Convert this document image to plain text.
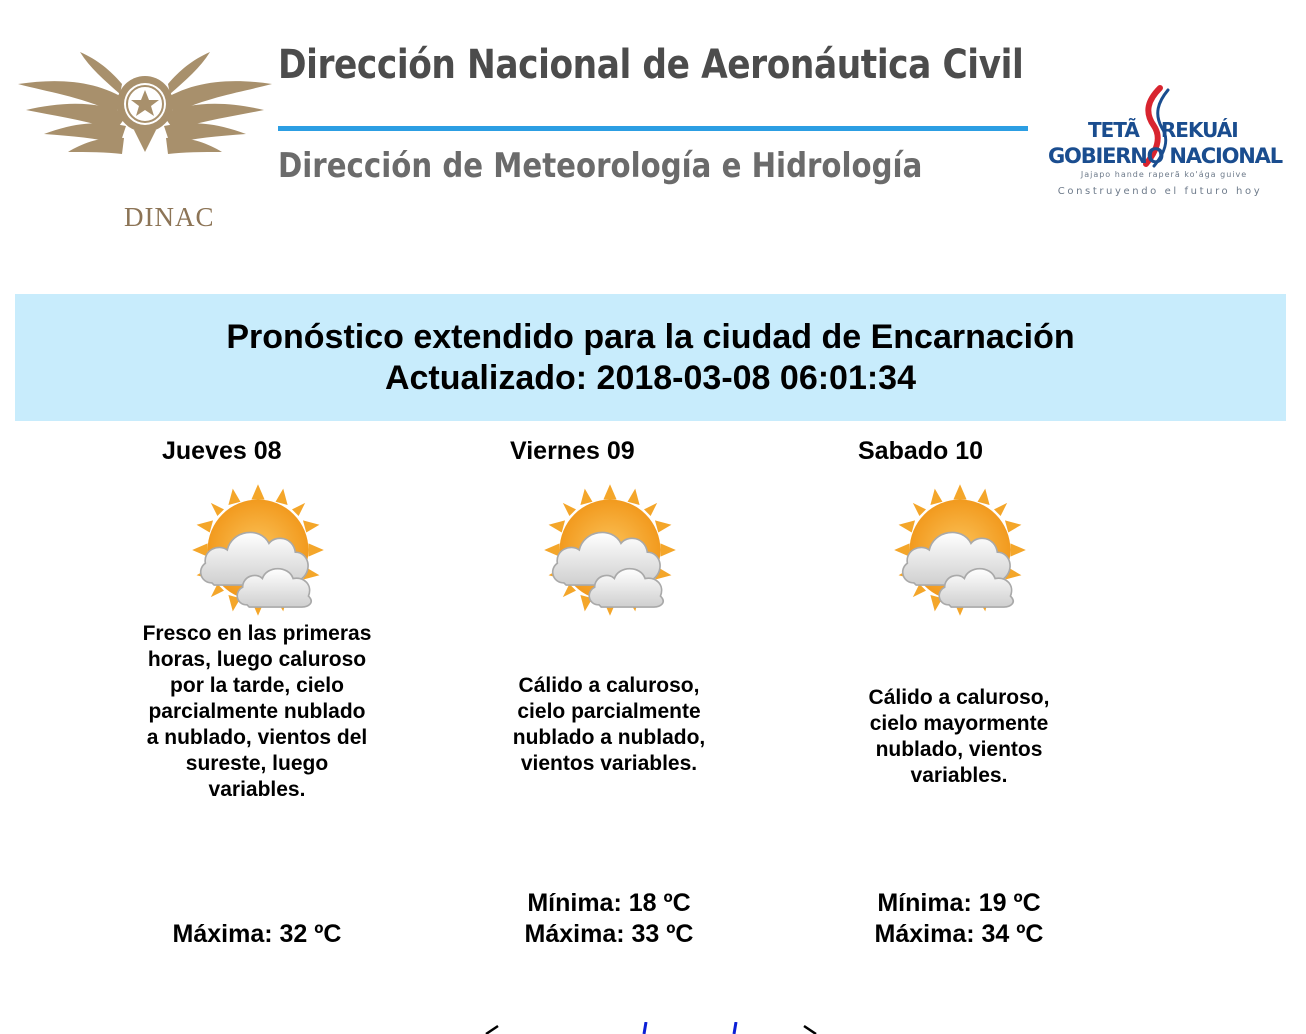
DINAC
Dirección Nacional de Aeronáutica Civil
Dirección de Meteorología e Hidrología
TETÃ REKUÁI
GOBIERNO NACIONAL
Jajapo hande raperã ko'ága guive
Construyendo el futuro hoy
Pronóstico extendido para la ciudad de Encarnación
Actualizado: 2018-03-08 06:01:34
Jueves 08

Fresco en las primeras horas, luego caluroso por la tarde, cielo parcialmente nublado a nublado, vientos del sureste, luego variables.

Máxima: 32 ºC
Viernes 09

Cálido a caluroso, cielo parcialmente nublado a nublado, vientos variables.

Mínima: 18 ºC
Máxima: 33 ºC
Sabado 10

Cálido a caluroso, cielo mayormente nublado, vientos variables.

Mínima: 19 ºC
Máxima: 34 ºC
